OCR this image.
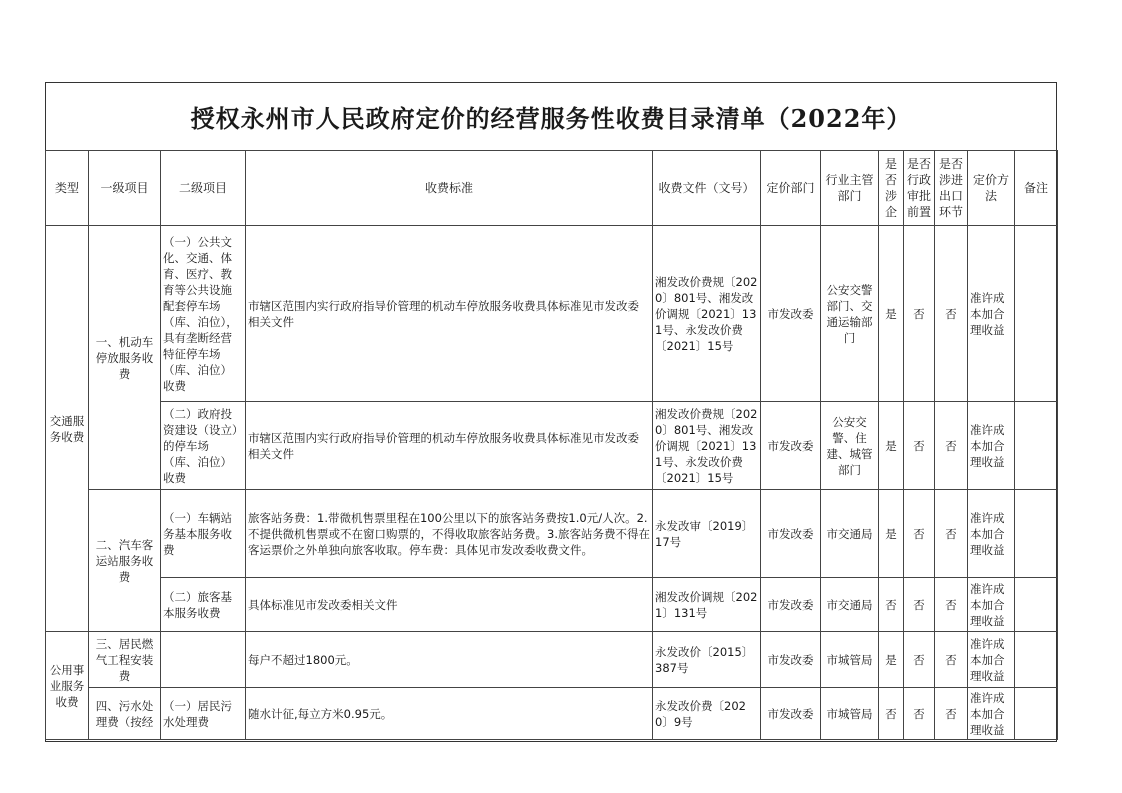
授权永州市人民政府定价的经营服务性收费目录清单（2022年）
类型	一级项目	二级项目	收费标准	收费文件（文号）	定价部门	行业主管部门	是否涉企	是否行政审批前置	是否涉进出口环节	定价方法	备注
交通服务收费	一、机动车停放服务收费	（一）公共文化、交通、体育、医疗、教育等公共设施配套停车场（库、泊位），具有垄断经营特征停车场（库、泊位）收费	市辖区范围内实行政府指导价管理的机动车停放服务收费具体标准见市发改委相关文件	湘发改价费规〔2020〕801号、湘发改价调规〔2021〕131号、永发改价费〔2021〕15号	市发改委	公安交警部门、交通运输部门	是	否	否	准许成本加合理收益	
		（二）政府投资建设（设立）的停车场（库、泊位）收费	市辖区范围内实行政府指导价管理的机动车停放服务收费具体标准见市发改委相关文件	湘发改价费规〔2020〕801号、湘发改价调规〔2021〕131号、永发改价费〔2021〕15号	市发改委	公安交警、住建、城管部门	是	否	否	准许成本加合理收益	
	二、汽车客运站服务收费	（一）车辆站务基本服务收费	旅客站务费：1.带微机售票里程在100公里以下的旅客站务费按1.0元/人次。2.不提供微机售票或不在窗口购票的，不得收取旅客站务费。3.旅客站务费不得在客运票价之外单独向旅客收取。停车费：具体见市发改委收费文件。	永发改审〔2019〕17号	市发改委	市交通局	是	否	否	准许成本加合理收益	
		（二）旅客基本服务收费	具体标准见市发改委相关文件	湘发改价调规〔2021〕131号	市发改委	市交通局	否	否	否	准许成本加合理收益	
公用事业服务收费	三、居民燃气工程安装费		每户不超过1800元。	永发改价〔2015〕387号	市发改委	市城管局	是	否	否	准许成本加合理收益	
	四、污水处理费（按经	（一）居民污水处理费	随水计征,每立方米0.95元。	永发改价费〔2020〕9号	市发改委	市城管局	否	否	否	准许成本加合理收益	
